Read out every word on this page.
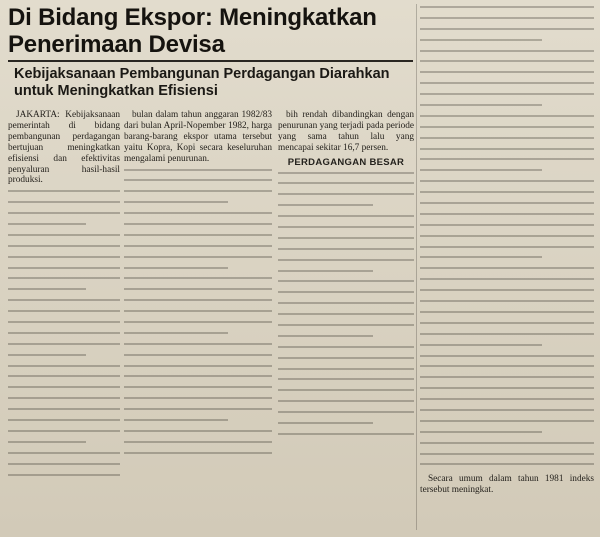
Di Bidang Ekspor: Meningkatkan Penerimaan Devisa
Kebijaksanaan Pembangunan Perdagangan Diarahkan untuk Meningkatkan Efisiensi

JAKARTA: Kebijaksanaan pemerintah di bidang pembangunan perdagangan bertujuan meningkatkan efisiensi dan efektivitas penyaluran hasil-hasil produksi.

bulan dalam tahun anggaran 1982/83 dari bulan April-Nopember 1982, harga barang-barang ekspor utama tersebut yaitu Kopra, Kopi secara keseluruhan mengalami penurunan.

bih rendah dibandingkan dengan penurunan yang terjadi pada periode yang sama tahun lalu yang mencapai sekitar 16,7 persen.

PERDAGANGAN BESAR

Secara umum dalam tahun 1981 indeks tersebut meningkat.
